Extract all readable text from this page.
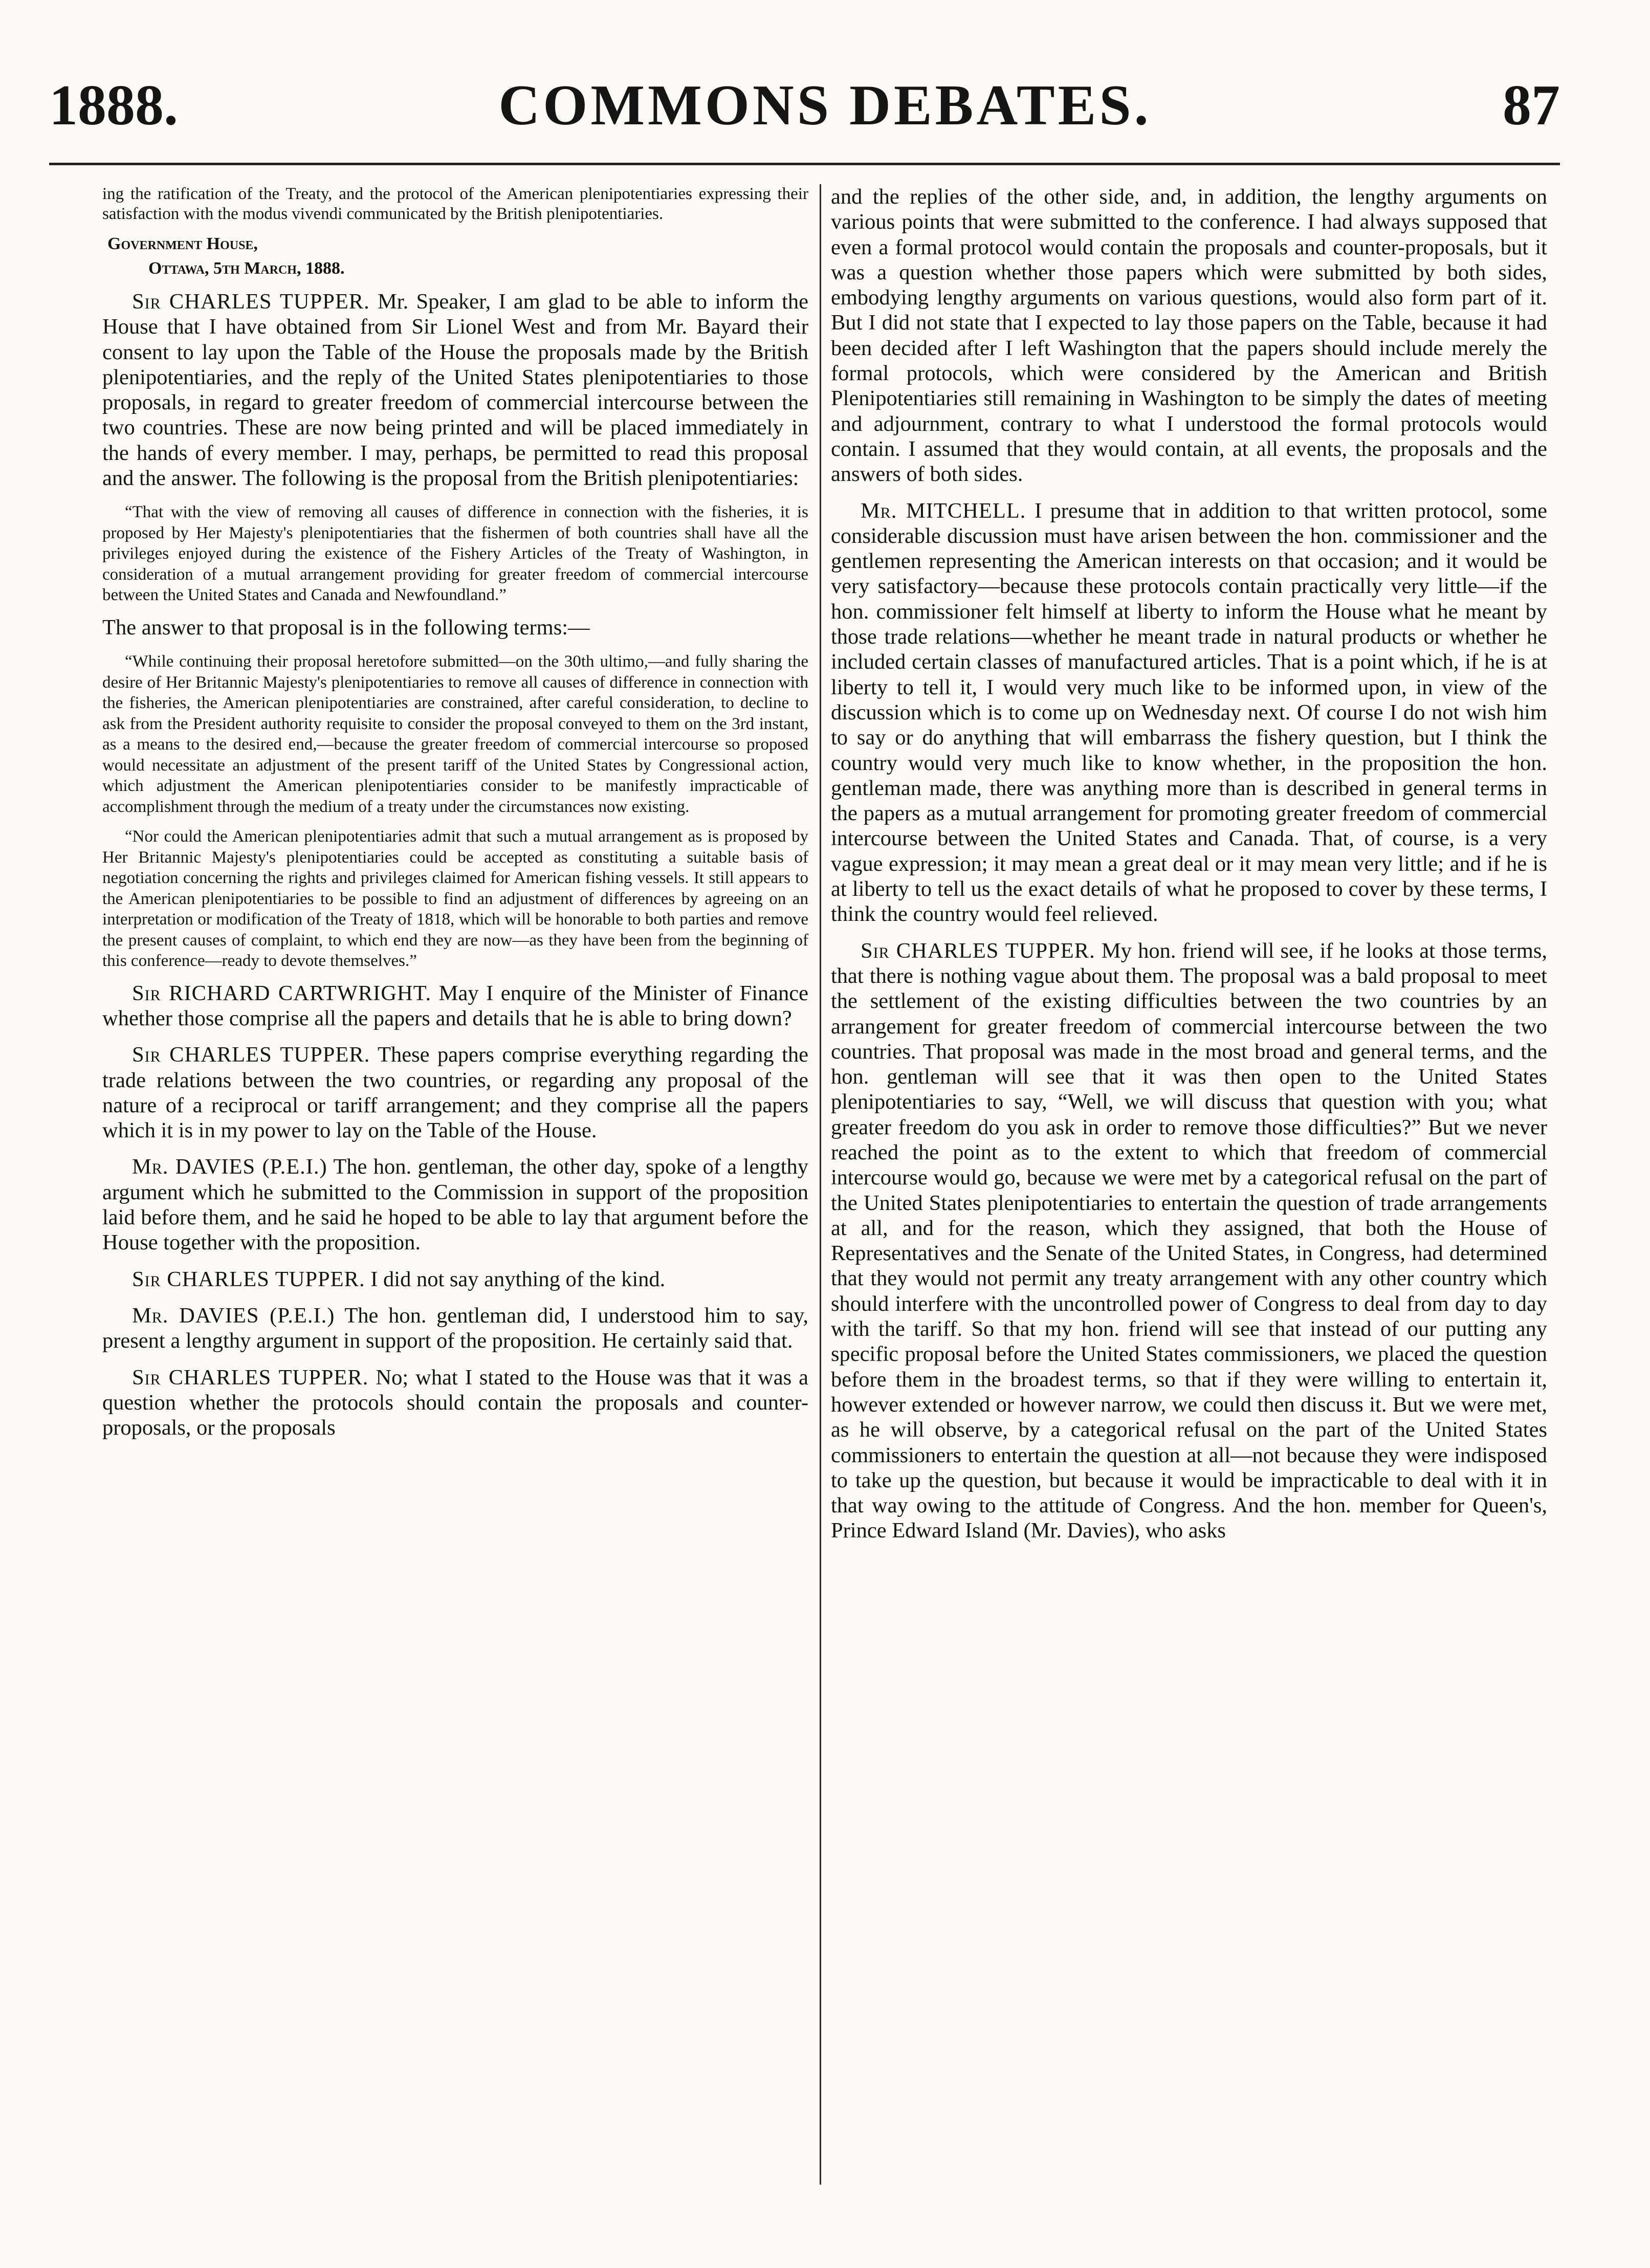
1888.	COMMONS DEBATES.	87

ing the ratification of the Treaty, and the protocol of the American plenipotentiaries expressing their satisfaction with the modus vivendi communicated by the British plenipotentiaries.

Government House,

Ottawa, 5th March, 1888.

Sir CHARLES TUPPER. Mr. Speaker, I am glad to be able to inform the House that I have obtained from Sir Lionel West and from Mr. Bayard their consent to lay upon the Table of the House the proposals made by the British plenipotentiaries, and the reply of the United States plenipotentiaries to those proposals, in regard to greater freedom of commercial intercourse between the two countries. These are now being printed and will be placed immediately in the hands of every member. I may, perhaps, be permitted to read this proposal and the answer. The following is the proposal from the British plenipotentiaries:

“That with the view of removing all causes of difference in connection with the fisheries, it is proposed by Her Majesty's plenipotentiaries that the fishermen of both countries shall have all the privileges enjoyed during the existence of the Fishery Articles of the Treaty of Washington, in consideration of a mutual arrangement providing for greater freedom of commercial intercourse between the United States and Canada and Newfoundland.”

The answer to that proposal is in the following terms:—

“While continuing their proposal heretofore submitted—on the 30th ultimo,—and fully sharing the desire of Her Britannic Majesty's plenipotentiaries to remove all causes of difference in connection with the fisheries, the American plenipotentiaries are constrained, after careful consideration, to decline to ask from the President authority requisite to consider the proposal conveyed to them on the 3rd instant, as a means to the desired end,—because the greater freedom of commercial intercourse so proposed would necessitate an adjustment of the present tariff of the United States by Congressional action, which adjustment the American plenipotentiaries consider to be manifestly impracticable of accomplishment through the medium of a treaty under the circumstances now existing.

“Nor could the American plenipotentiaries admit that such a mutual arrangement as is proposed by Her Britannic Majesty's plenipotentiaries could be accepted as constituting a suitable basis of negotiation concerning the rights and privileges claimed for American fishing vessels. It still appears to the American plenipotentiaries to be possible to find an adjustment of differences by agreeing on an interpretation or modification of the Treaty of 1818, which will be honorable to both parties and remove the present causes of complaint, to which end they are now—as they have been from the beginning of this conference—ready to devote themselves.”

Sir RICHARD CARTWRIGHT. May I enquire of the Minister of Finance whether those comprise all the papers and details that he is able to bring down?

Sir CHARLES TUPPER. These papers comprise everything regarding the trade relations between the two countries, or regarding any proposal of the nature of a reciprocal or tariff arrangement; and they comprise all the papers which it is in my power to lay on the Table of the House.

Mr. DAVIES (P.E.I.) The hon. gentleman, the other day, spoke of a lengthy argument which he submitted to the Commission in support of the proposition laid before them, and he said he hoped to be able to lay that argument before the House together with the proposition.

Sir CHARLES TUPPER. I did not say anything of the kind.

Mr. DAVIES (P.E.I.) The hon. gentleman did, I understood him to say, present a lengthy argument in support of the proposition. He certainly said that.

Sir CHARLES TUPPER. No; what I stated to the House was that it was a question whether the protocols should contain the proposals and counter-proposals, or the proposals

and the replies of the other side, and, in addition, the lengthy arguments on various points that were submitted to the conference. I had always supposed that even a formal protocol would contain the proposals and counter-proposals, but it was a question whether those papers which were submitted by both sides, embodying lengthy arguments on various questions, would also form part of it. But I did not state that I expected to lay those papers on the Table, because it had been decided after I left Washington that the papers should include merely the formal protocols, which were considered by the American and British Plenipotentiaries still remaining in Washington to be simply the dates of meeting and adjournment, contrary to what I understood the formal protocols would contain. I assumed that they would contain, at all events, the proposals and the answers of both sides.

Mr. MITCHELL. I presume that in addition to that written protocol, some considerable discussion must have arisen between the hon. commissioner and the gentlemen representing the American interests on that occasion; and it would be very satisfactory—because these protocols contain practically very little—if the hon. commissioner felt himself at liberty to inform the House what he meant by those trade relations—whether he meant trade in natural products or whether he included certain classes of manufactured articles. That is a point which, if he is at liberty to tell it, I would very much like to be informed upon, in view of the discussion which is to come up on Wednesday next. Of course I do not wish him to say or do anything that will embarrass the fishery question, but I think the country would very much like to know whether, in the proposition the hon. gentleman made, there was anything more than is described in general terms in the papers as a mutual arrangement for promoting greater freedom of commercial intercourse between the United States and Canada. That, of course, is a very vague expression; it may mean a great deal or it may mean very little; and if he is at liberty to tell us the exact details of what he proposed to cover by these terms, I think the country would feel relieved.

Sir CHARLES TUPPER. My hon. friend will see, if he looks at those terms, that there is nothing vague about them. The proposal was a bald proposal to meet the settlement of the existing difficulties between the two countries by an arrangement for greater freedom of commercial intercourse between the two countries. That proposal was made in the most broad and general terms, and the hon. gentleman will see that it was then open to the United States plenipotentiaries to say, “Well, we will discuss that question with you; what greater freedom do you ask in order to remove those difficulties?” But we never reached the point as to the extent to which that freedom of commercial intercourse would go, because we were met by a categorical refusal on the part of the United States plenipotentiaries to entertain the question of trade arrangements at all, and for the reason, which they assigned, that both the House of Representatives and the Senate of the United States, in Congress, had determined that they would not permit any treaty arrangement with any other country which should interfere with the uncontrolled power of Congress to deal from day to day with the tariff. So that my hon. friend will see that instead of our putting any specific proposal before the United States commissioners, we placed the question before them in the broadest terms, so that if they were willing to entertain it, however extended or however narrow, we could then discuss it. But we were met, as he will observe, by a categorical refusal on the part of the United States commissioners to entertain the question at all—not because they were indisposed to take up the question, but because it would be impracticable to deal with it in that way owing to the attitude of Congress. And the hon. member for Queen's, Prince Edward Island (Mr. Davies), who asks
